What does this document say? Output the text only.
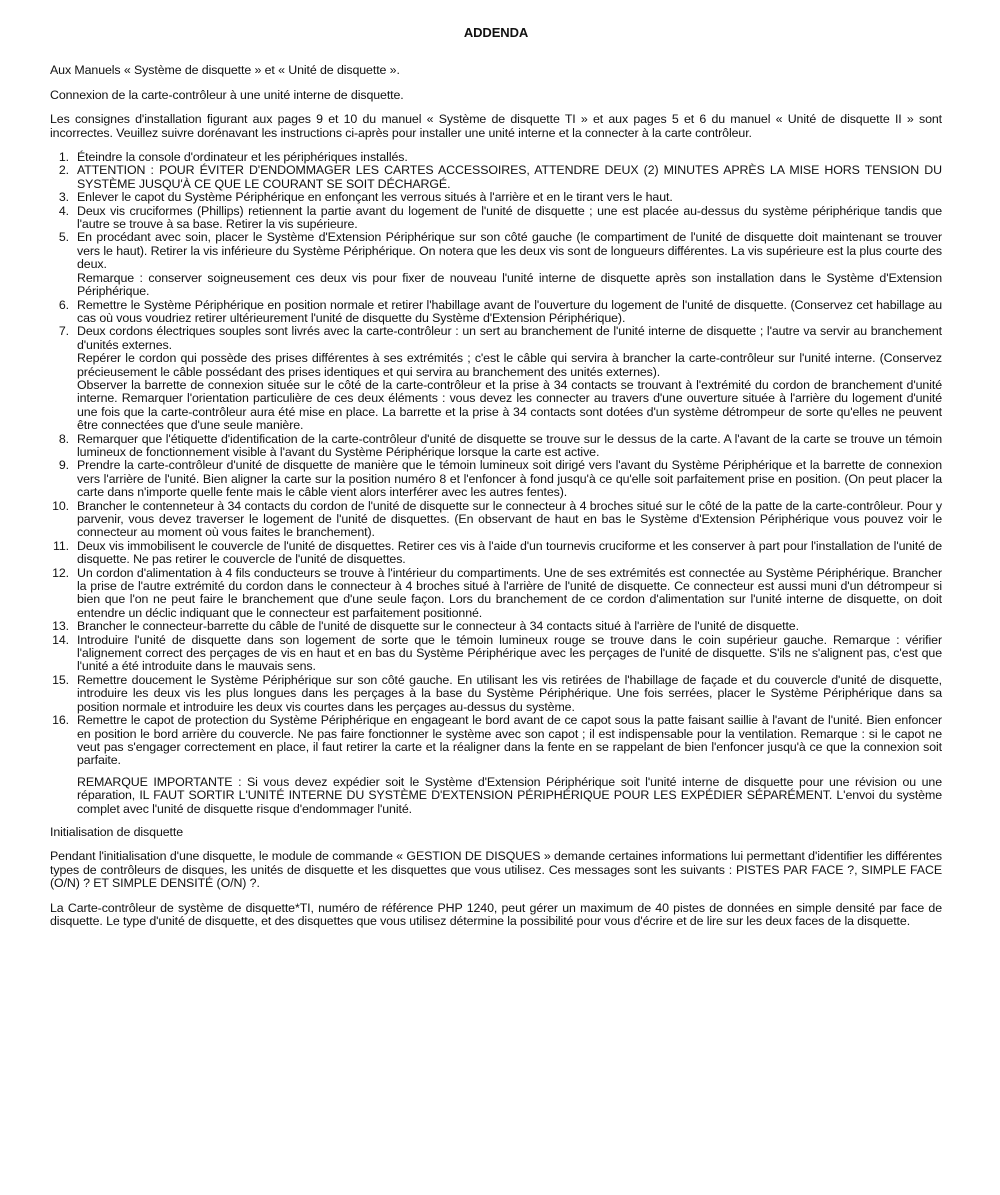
ADDENDA

Aux Manuels « Système de disquette » et « Unité de disquette ».

Connexion de la carte-contrôleur à une unité interne de disquette.

Les consignes d'installation figurant aux pages 9 et 10 du manuel « Système de disquette TI » et aux pages 5 et 6 du manuel « Unité de disquette II » sont incorrectes. Veuillez suivre dorénavant les instructions ci-après pour installer une unité interne et la connecter à la carte contrôleur.

1. Éteindre la console d'ordinateur et les périphériques installés.
2. ATTENTION : POUR ÉVITER D'ENDOMMAGER LES CARTES ACCESSOIRES, ATTENDRE DEUX (2) MINUTES APRÈS LA MISE HORS TENSION DU SYSTÈME JUSQU'À CE QUE LE COURANT SE SOIT DÉCHARGÉ.
3. Enlever le capot du Système Périphérique en enfonçant les verrous situés à l'arrière et en le tirant vers le haut.
4. Deux vis cruciformes (Phillips) retiennent la partie avant du logement de l'unité de disquette ; une est placée au-dessus du système périphérique tandis que l'autre se trouve à sa base. Retirer la vis supérieure.
5. En procédant avec soin, placer le Système d'Extension Périphérique sur son côté gauche (le compartiment de l'unité de disquette doit maintenant se trouver vers le haut). Retirer la vis inférieure du Système Périphérique. On notera que les deux vis sont de longueurs différentes. La vis supérieure est la plus courte des deux.
Remarque : conserver soigneusement ces deux vis pour fixer de nouveau l'unité interne de disquette après son installation dans le Système d'Extension Périphérique.
6. Remettre le Système Périphérique en position normale et retirer l'habillage avant de l'ouverture du logement de l'unité de disquette. (Conservez cet habillage au cas où vous voudriez retirer ultérieurement l'unité de disquette du Système d'Extension Périphérique).
7. Deux cordons électriques souples sont livrés avec la carte-contrôleur : un sert au branchement de l'unité interne de disquette ; l'autre va servir au branchement d'unités externes.
Repérer le cordon qui possède des prises différentes à ses extrémités ; c'est le câble qui servira à brancher la carte-contrôleur sur l'unité interne. (Conservez précieusement le câble possédant des prises identiques et qui servira au branchement des unités externes).
Observer la barrette de connexion située sur le côté de la carte-contrôleur et la prise à 34 contacts se trouvant à l'extrémité du cordon de branchement d'unité interne. Remarquer l'orientation particulière de ces deux éléments : vous devez les connecter au travers d'une ouverture située à l'arrière du logement d'unité une fois que la carte-contrôleur aura été mise en place. La barrette et la prise à 34 contacts sont dotées d'un système détrompeur de sorte qu'elles ne peuvent être connectées que d'une seule manière.
8. Remarquer que l'étiquette d'identification de la carte-contrôleur d'unité de disquette se trouve sur le dessus de la carte. A l'avant de la carte se trouve un témoin lumineux de fonctionnement visible à l'avant du Système Périphérique lorsque la carte est active.
9. Prendre la carte-contrôleur d'unité de disquette de manière que le témoin lumineux soit dirigé vers l'avant du Système Périphérique et la barrette de connexion vers l'arrière de l'unité. Bien aligner la carte sur la position numéro 8 et l'enfoncer à fond jusqu'à ce qu'elle soit parfaitement prise en position. (On peut placer la carte dans n'importe quelle fente mais le câble vient alors interférer avec les autres fentes).
10. Brancher le contenneteur à 34 contacts du cordon de l'unité de disquette sur le connecteur à 4 broches situé sur le côté de la patte de la carte-contrôleur. Pour y parvenir, vous devez traverser le logement de l'unité de disquettes. (En observant de haut en bas le Système d'Extension Périphérique vous pouvez voir le connecteur au moment où vous faites le branchement).
11. Deux vis immobilisent le couvercle de l'unité de disquettes. Retirer ces vis à l'aide d'un tournevis cruciforme et les conserver à part pour l'installation de l'unité de disquette. Ne pas retirer le couvercle de l'unité de disquettes.
12. Un cordon d'alimentation à 4 fils conducteurs se trouve à l'intérieur du compartiments. Une de ses extrémités est connectée au Système Périphérique. Brancher la prise de l'autre extrémité du cordon dans le connecteur à 4 broches situé à l'arrière de l'unité de disquette. Ce connecteur est aussi muni d'un détrompeur si bien que l'on ne peut faire le branchement que d'une seule façon. Lors du branchement de ce cordon d'alimentation sur l'unité interne de disquette, on doit entendre un déclic indiquant que le connecteur est parfaitement positionné.
13. Brancher le connecteur-barrette du câble de l'unité de disquette sur le connecteur à 34 contacts situé à l'arrière de l'unité de disquette.
14. Introduire l'unité de disquette dans son logement de sorte que le témoin lumineux rouge se trouve dans le coin supérieur gauche. Remarque : vérifier l'alignement correct des perçages de vis en haut et en bas du Système Périphérique avec les perçages de l'unité de disquette. S'ils ne s'alignent pas, c'est que l'unité a été introduite dans le mauvais sens.
15. Remettre doucement le Système Périphérique sur son côté gauche. En utilisant les vis retirées de l'habillage de façade et du couvercle d'unité de disquette, introduire les deux vis les plus longues dans les perçages à la base du Système Périphérique. Une fois serrées, placer le Système Périphérique dans sa position normale et introduire les deux vis courtes dans les perçages au-dessus du système.
16. Remettre le capot de protection du Système Périphérique en engageant le bord avant de ce capot sous la patte faisant saillie à l'avant de l'unité. Bien enfoncer en position le bord arrière du couvercle. Ne pas faire fonctionner le système avec son capot ; il est indispensable pour la ventilation. Remarque : si le capot ne veut pas s'engager correctement en place, il faut retirer la carte et la réaligner dans la fente en se rappelant de bien l'enfoncer jusqu'à ce que la connexion soit parfaite.

REMARQUE IMPORTANTE : Si vous devez expédier soit le Système d'Extension Périphérique soit l'unité interne de disquette pour une révision ou une réparation, IL FAUT SORTIR L'UNITÉ INTERNE DU SYSTÈME D'EXTENSION PÉRIPHÉRIQUE POUR LES EXPÉDIER SÉPARÉMENT. L'envoi du système complet avec l'unité de disquette risque d'endommager l'unité.

Initialisation de disquette

Pendant l'initialisation d'une disquette, le module de commande « GESTION DE DISQUES » demande certaines informations lui permettant d'identifier les différentes types de contrôleurs de disques, les unités de disquette et les disquettes que vous utilisez. Ces messages sont les suivants : PISTES PAR FACE ?, SIMPLE FACE (O/N) ? ET SIMPLE DENSITÉ (O/N) ?.

La Carte-contrôleur de système de disquette*TI, numéro de référence PHP 1240, peut gérer un maximum de 40 pistes de données en simple densité par face de disquette. Le type d'unité de disquette, et des disquettes que vous utilisez détermine la possibilité pour vous d'écrire et de lire sur les deux faces de la disquette.
